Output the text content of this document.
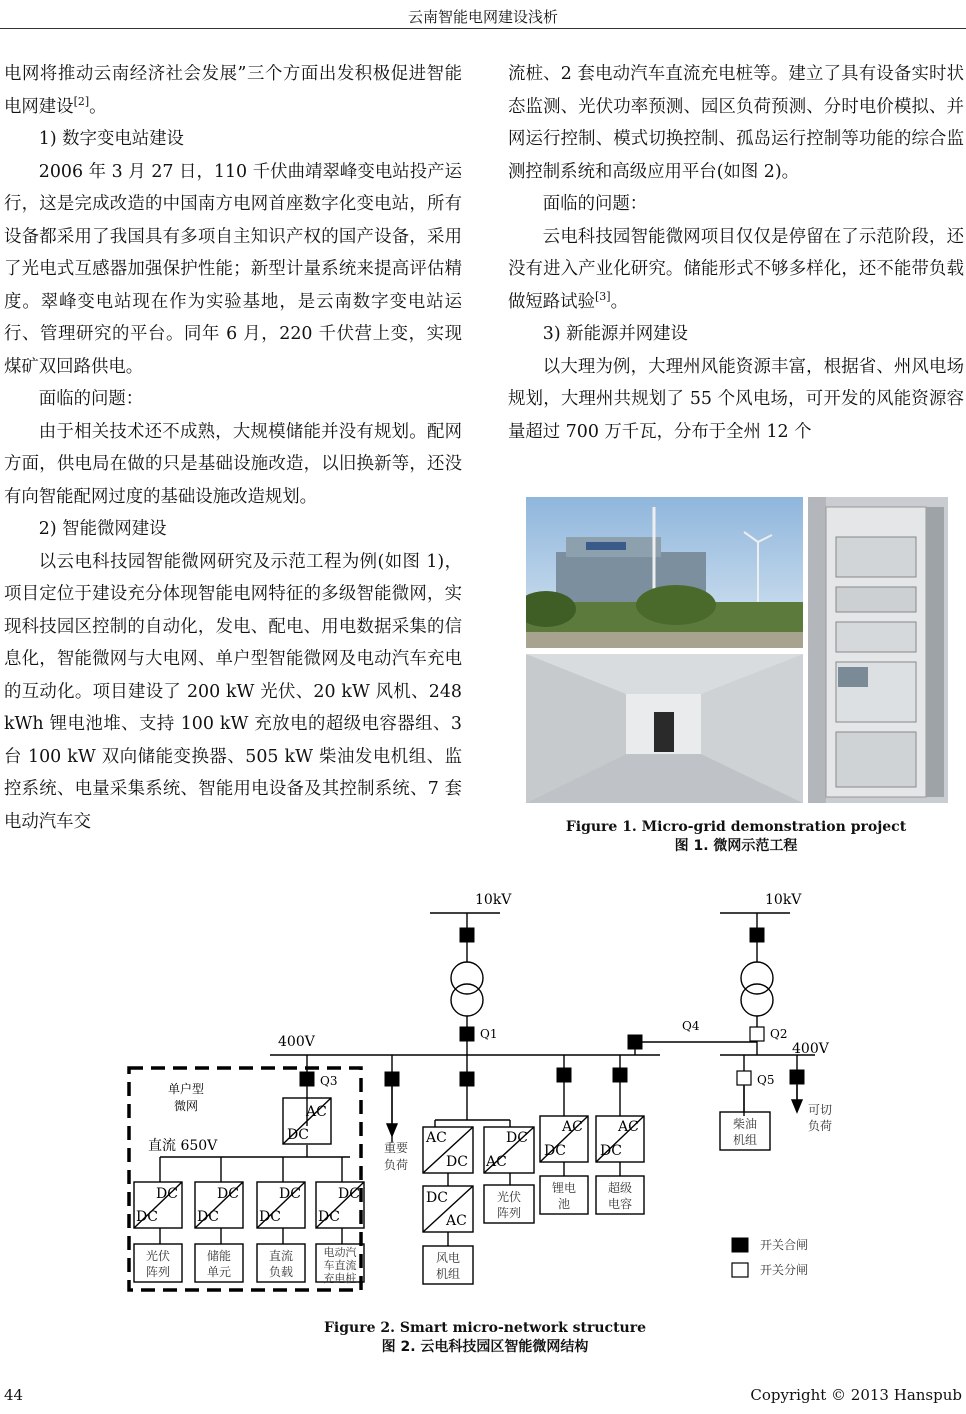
云南智能电网建设浅析

电网将推动云南经济社会发展”三个方面出发积极促进智能电网建设[2]。

1) 数字变电站建设

2006 年 3 月 27 日，110 千伏曲靖翠峰变电站投产运行，这是完成改造的中国南方电网首座数字化变电站，所有设备都采用了我国具有多项自主知识产权的国产设备，采用了光电式互感器加强保护性能；新型计量系统来提高评估精度。翠峰变电站现在作为实验基地，是云南数字变电站运行、管理研究的平台。同年 6 月，220 千伏营上变，实现煤矿双回路供电。

面临的问题：

由于相关技术还不成熟，大规模储能并没有规划。配网方面，供电局在做的只是基础设施改造，以旧换新等，还没有向智能配网过度的基础设施改造规划。

2) 智能微网建设

以云电科技园智能微网研究及示范工程为例(如图 1)，项目定位于建设充分体现智能电网特征的多级智能微网，实现科技园区控制的自动化，发电、配电、用电数据采集的信息化，智能微网与大电网、单户型智能微网及电动汽车充电的互动化。项目建设了 200 kW 光伏、20 kW 风机、248 kWh 锂电池堆、支持 100 kW 充放电的超级电容器组、3 台 100 kW 双向储能变换器、505 kW 柴油发电机组、监控系统、电量采集系统、智能用电设备及其控制系统、7 套电动汽车交

流桩、2 套电动汽车直流充电桩等。建立了具有设备实时状态监测、光伏功率预测、园区负荷预测、分时电价模拟、并网运行控制、模式切换控制、孤岛运行控制等功能的综合监测控制系统和高级应用平台(如图 2)。

面临的问题：

云电科技园智能微网项目仅仅是停留在了示范阶段，还没有进入产业化研究。储能形式不够多样化，还不能带负载做短路试验[3]。

3) 新能源并网建设

以大理为例，大理州风能资源丰富，根据省、州风电场规划，大理州共规划了 55 个风电场，可开发的风能资源容量超过 700 万千瓦，分布于全州 12 个

Figure 1. Micro-grid demonstration project
图 1. 微网示范工程
10kV	10kV
400V	400V
Q1	Q2
Q3
Q4
Q5
单户型
微网
直流 650V
AC
DC
DC
DC
DC
DC
DC
DC
DC
DC
AC
DC
DC
AC
DC
AC
AC
DC
AC
DC
光伏
阵列
储能
单元
直流
负载
电动汽
车直流
充电桩
重要
负荷
风电
机组
光伏
阵列
锂电
池
超级
电容
柴油
机组
可切
负荷
开关合闸
开关分闸
Figure 2. Smart micro-network structure
图 2. 云电科技园区智能微网结构
44	Copyright © 2013 Hanspub
